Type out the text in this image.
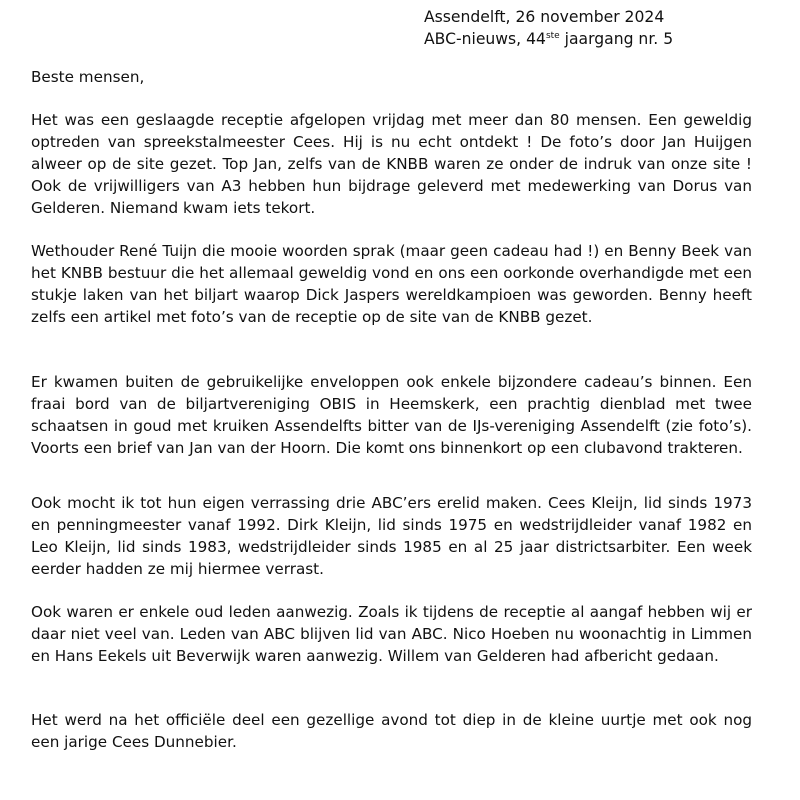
Assendelft, 26 november 2024
ABC-nieuws, 44ste jaargang nr. 5
Beste mensen,

Het was een geslaagde receptie afgelopen vrijdag met meer dan 80 mensen. Een geweldig optreden van spreekstalmeester Cees. Hij is nu echt ontdekt ! De foto’s door Jan Huijgen alweer op de site gezet. Top Jan, zelfs van de KNBB waren ze onder de indruk van onze site ! Ook de vrijwilligers van A3 hebben hun bijdrage geleverd met medewerking van Dorus van Gelderen. Niemand kwam iets tekort.

Wethouder René Tuijn die mooie woorden sprak (maar geen cadeau had !) en Benny Beek van het KNBB bestuur die het allemaal geweldig vond en ons een oorkonde overhandigde met een stukje laken van het biljart waarop Dick Jaspers wereldkampioen was geworden. Benny heeft zelfs een artikel met foto’s van de receptie op de site van de KNBB gezet.

Er kwamen buiten de gebruikelijke enveloppen ook enkele bijzondere cadeau’s binnen. Een fraai bord van de biljartvereniging OBIS in Heemskerk, een prachtig dienblad met twee schaatsen in goud met kruiken Assendelfts bitter van de IJs-vereniging Assendelft (zie foto’s). Voorts een brief van Jan van der Hoorn. Die komt ons binnenkort op een clubavond trakteren.

Ook mocht ik tot hun eigen verrassing drie ABC’ers erelid maken. Cees Kleijn, lid sinds 1973 en penningmeester vanaf 1992. Dirk Kleijn, lid sinds 1975 en wedstrijdleider vanaf 1982 en Leo Kleijn, lid sinds 1983, wedstrijdleider sinds 1985 en al 25 jaar districtsarbiter. Een week eerder hadden ze mij hiermee verrast.

Ook waren er enkele oud leden aanwezig. Zoals ik tijdens de receptie al aangaf hebben wij er daar niet veel van. Leden van ABC blijven lid van ABC. Nico Hoeben nu woonachtig in Limmen en Hans Eekels uit Beverwijk waren aanwezig. Willem van Gelderen had afbericht gedaan.

Het werd na het officiële deel een gezellige avond tot diep in de kleine uurtje met ook nog een jarige Cees Dunnebier.
